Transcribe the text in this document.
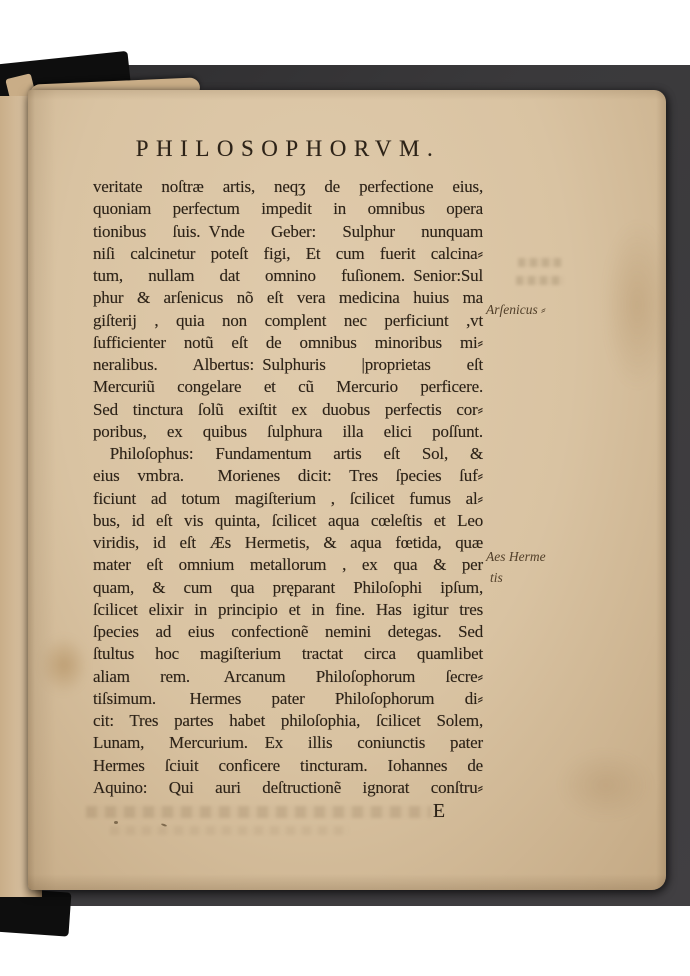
PHILOSOPHORVM.
veritate noſtræ artis, neqʒ de perfectione eius,
quoniam perfectum impedit in omnibus opera
tionibus ſuis. Vnde Geber: Sulphur nunquam
niſi calcinetur poteſt figi, Et cum fuerit calcina⸗
tum, nullam dat omnino fuſionem. Senior:Sul
phur & arſenicus nõ eſt vera medicina huius ma
giſterij , quia non complent nec perficiunt ,vt
ſufficienter notũ eſt de omnibus minoribus mi⸗
neralibus. Albertus: Sulphuris |proprietas eſt
Mercuriũ congelare et cũ Mercurio perficere.
Sed tinctura ſolũ exiſtit ex duobus perfectis cor⸗
poribus, ex quibus ſulphura illa elici poſſunt.
 Philoſophus: Fundamentum artis eſt Sol, &
eius vmbra.  Morienes dicit: Tres ſpecies ſuf⸗
ficiunt ad totum magiſterium , ſcilicet fumus al⸗
bus, id eſt vis quinta, ſcilicet aqua cœleſtis et Leo
viridis, id eſt Æs Hermetis, & aqua fœtida, quæ
mater eſt omnium metallorum , ex qua & per
quam, & cum qua pręparant Philoſophi ipſum,
ſcilicet elixir in principio et in fine. Has igitur tres
ſpecies ad eius confectionẽ nemini detegas. Sed
ſtultus hoc magiſterium tractat circa quamlibet
aliam rem.  Arcanum Philoſophorum ſecre⸗
tiſsimum.  Hermes pater Philoſophorum di⸗
cit: Tres partes habet philoſophia, ſcilicet Solem,
Lunam, Mercurium. Ex illis coniunctis pater
Hermes ſciuit conficere tincturam. Iohannes de
Aquino: Qui auri deſtructionẽ ignorat conſtru⸗
Arſenicus ⸗
Aes Herme
tis
E
